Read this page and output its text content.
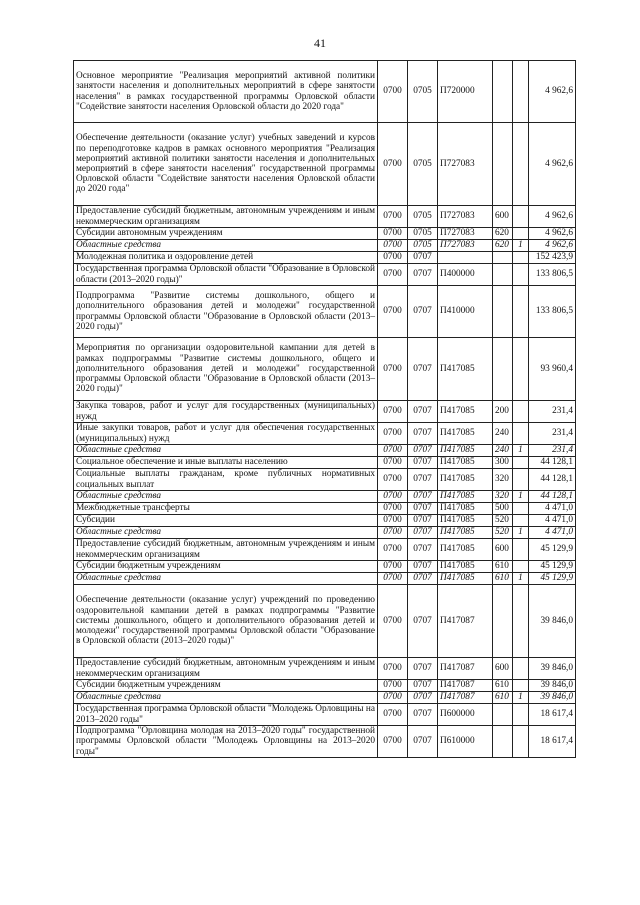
41
Основное мероприятие "Реализация мероприятий активной политики занятости населения и дополнительных мероприятий в сфере занятости населения" в рамках государственной программы Орловской области "Содействие занятости населения Орловской области до 2020 года"	0700	0705	П720000			4 962,6
Обеспечение деятельности (оказание услуг) учебных заведений и курсов по переподготовке кадров в рамках основного мероприятия "Реализация мероприятий активной политики занятости населения и дополнительных мероприятий в сфере занятости населения" государственной программы Орловской области "Содействие занятости населения Орловской области до 2020 года"	0700	0705	П727083			4 962,6
Предоставление субсидий бюджетным, автономным учреждениям и иным некоммерческим организациям	0700	0705	П727083	600		4 962,6
Субсидии автономным учреждениям	0700	0705	П727083	620		4 962,6
Областные средства	0700	0705	П727083	620	1	4 962,6
Молодежная политика и оздоровление детей	0700	0707				152 423,9
Государственная программа Орловской области "Образование в Орловской области (2013–2020 годы)"	0700	0707	П400000			133 806,5
Подпрограмма "Развитие системы дошкольного, общего и дополнительного образования детей и молодежи" государственной программы Орловской области "Образование в Орловской области (2013–2020 годы)"	0700	0707	П410000			133 806,5
Мероприятия по организации оздоровительной кампании для детей в рамках подпрограммы "Развитие системы дошкольного, общего и дополнительного образования детей и молодежи" государственной программы Орловской области "Образование в Орловской области (2013–2020 годы)"	0700	0707	П417085			93 960,4
Закупка товаров, работ и услуг для государственных (муниципальных) нужд	0700	0707	П417085	200		231,4
Иные закупки товаров, работ и услуг для обеспечения государственных (муниципальных) нужд	0700	0707	П417085	240		231,4
Областные средства	0700	0707	П417085	240	1	231,4
Социальное обеспечение и иные выплаты населению	0700	0707	П417085	300		44 128,1
Социальные выплаты гражданам, кроме публичных нормативных социальных выплат	0700	0707	П417085	320		44 128,1
Областные средства	0700	0707	П417085	320	1	44 128,1
Межбюджетные трансферты	0700	0707	П417085	500		4 471,0
Субсидии	0700	0707	П417085	520		4 471,0
Областные средства	0700	0707	П417085	520	1	4 471,0
Предоставление субсидий бюджетным, автономным учреждениям и иным некоммерческим организациям	0700	0707	П417085	600		45 129,9
Субсидии бюджетным учреждениям	0700	0707	П417085	610		45 129,9
Областные средства	0700	0707	П417085	610	1	45 129,9
Обеспечение деятельности (оказание услуг) учреждений по проведению оздоровительной кампании детей в рамках подпрограммы "Развитие системы дошкольного, общего и дополнительного образования детей и молодежи" государственной программы Орловской области "Образование в Орловской области (2013–2020 годы)"	0700	0707	П417087			39 846,0
Предоставление субсидий бюджетным, автономным учреждениям и иным некоммерческим организациям	0700	0707	П417087	600		39 846,0
Субсидии бюджетным учреждениям	0700	0707	П417087	610		39 846,0
Областные средства	0700	0707	П417087	610	1	39 846,0
Государственная программа Орловской области "Молодежь Орловщины на 2013–2020 годы"	0700	0707	П600000			18 617,4
Подпрограмма "Орловщина молодая на 2013–2020 годы" государственной программы Орловской области "Молодежь Орловщины на 2013–2020 годы"	0700	0707	П610000			18 617,4
